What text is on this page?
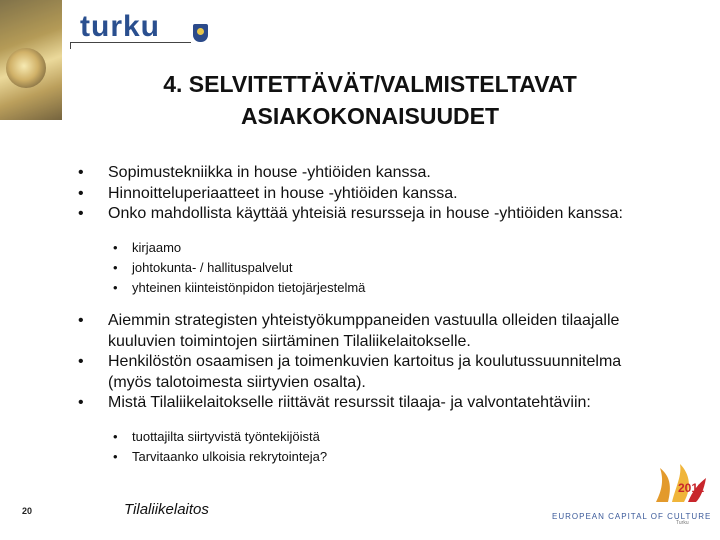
turku
4. SELVITETTÄVÄT/VALMISTELTAVAT
ASIAKOKONAISUUDET
• Sopimustekniikka in house -yhtiöiden kanssa.
• Hinnoitteluperiaatteet in house -yhtiöiden kanssa.
• Onko mahdollista käyttää yhteisiä resursseja in house -yhtiöiden kanssa:
• kirjaamo
• johtokunta- / hallituspalvelut
• yhteinen kiinteistönpidon tietojärjestelmä
• Aiemmin strategisten yhteistyökumppaneiden vastuulla olleiden tilaajalle
kuuluvien toimintojen siirtäminen Tilaliikelaitokselle.
• Henkilöstön osaamisen ja toimenkuvien kartoitus ja koulutussuunnitelma
(myös talotoimesta siirtyvien osalta).
• Mistä Tilaliikelaitokselle riittävät resurssit tilaaja- ja valvontatehtäviin:
• tuottajilta siirtyvistä työntekijöistä
• Tarvitaanko ulkoisia rekrytointeja?
20	Tilaliikelaitos
2011
EUROPEAN CAPITAL OF CULTURE
Turku
